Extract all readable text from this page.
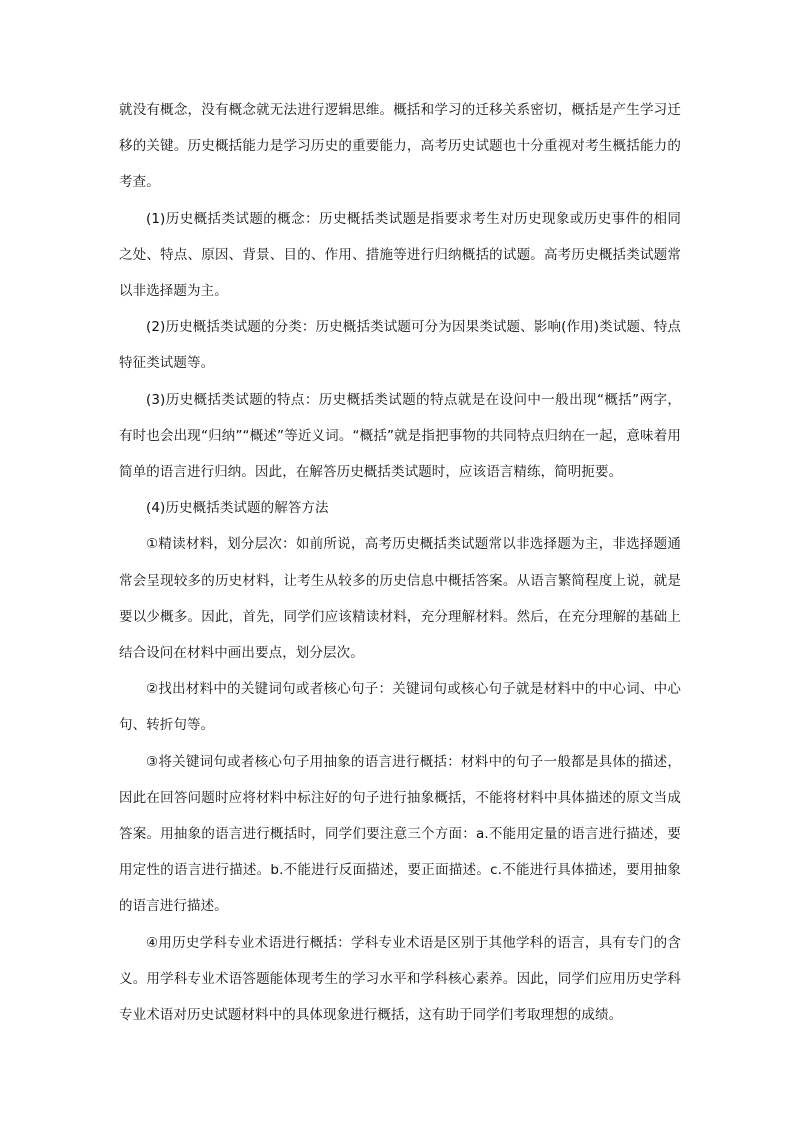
就没有概念，没有概念就无法进行逻辑思维。概括和学习的迁移关系密切，概括是产生学习迁移的关键。历史概括能力是学习历史的重要能力，高考历史试题也十分重视对考生概括能力的考查。

(1)历史概括类试题的概念：历史概括类试题是指要求考生对历史现象或历史事件的相同之处、特点、原因、背景、目的、作用、措施等进行归纳概括的试题。高考历史概括类试题常以非选择题为主。

(2)历史概括类试题的分类：历史概括类试题可分为因果类试题、影响(作用)类试题、特点特征类试题等。

(3)历史概括类试题的特点：历史概括类试题的特点就是在设问中一般出现“概括”两字，有时也会出现“归纳”“概述”等近义词。“概括”就是指把事物的共同特点归纳在一起，意味着用简单的语言进行归纳。因此，在解答历史概括类试题时，应该语言精练，简明扼要。

(4)历史概括类试题的解答方法

①精读材料，划分层次：如前所说，高考历史概括类试题常以非选择题为主，非选择题通常会呈现较多的历史材料，让考生从较多的历史信息中概括答案。从语言繁简程度上说，就是要以少概多。因此，首先，同学们应该精读材料，充分理解材料。然后，在充分理解的基础上结合设问在材料中画出要点，划分层次。

②找出材料中的关键词句或者核心句子：关键词句或核心句子就是材料中的中心词、中心句、转折句等。

③将关键词句或者核心句子用抽象的语言进行概括：材料中的句子一般都是具体的描述，因此在回答问题时应将材料中标注好的句子进行抽象概括，不能将材料中具体描述的原文当成答案。用抽象的语言进行概括时，同学们要注意三个方面：a.不能用定量的语言进行描述，要用定性的语言进行描述。b.不能进行反面描述，要正面描述。c.不能进行具体描述，要用抽象的语言进行描述。

④用历史学科专业术语进行概括：学科专业术语是区别于其他学科的语言，具有专门的含义。用学科专业术语答题能体现考生的学习水平和学科核心素养。因此，同学们应用历史学科专业术语对历史试题材料中的具体现象进行概括，这有助于同学们考取理想的成绩。
